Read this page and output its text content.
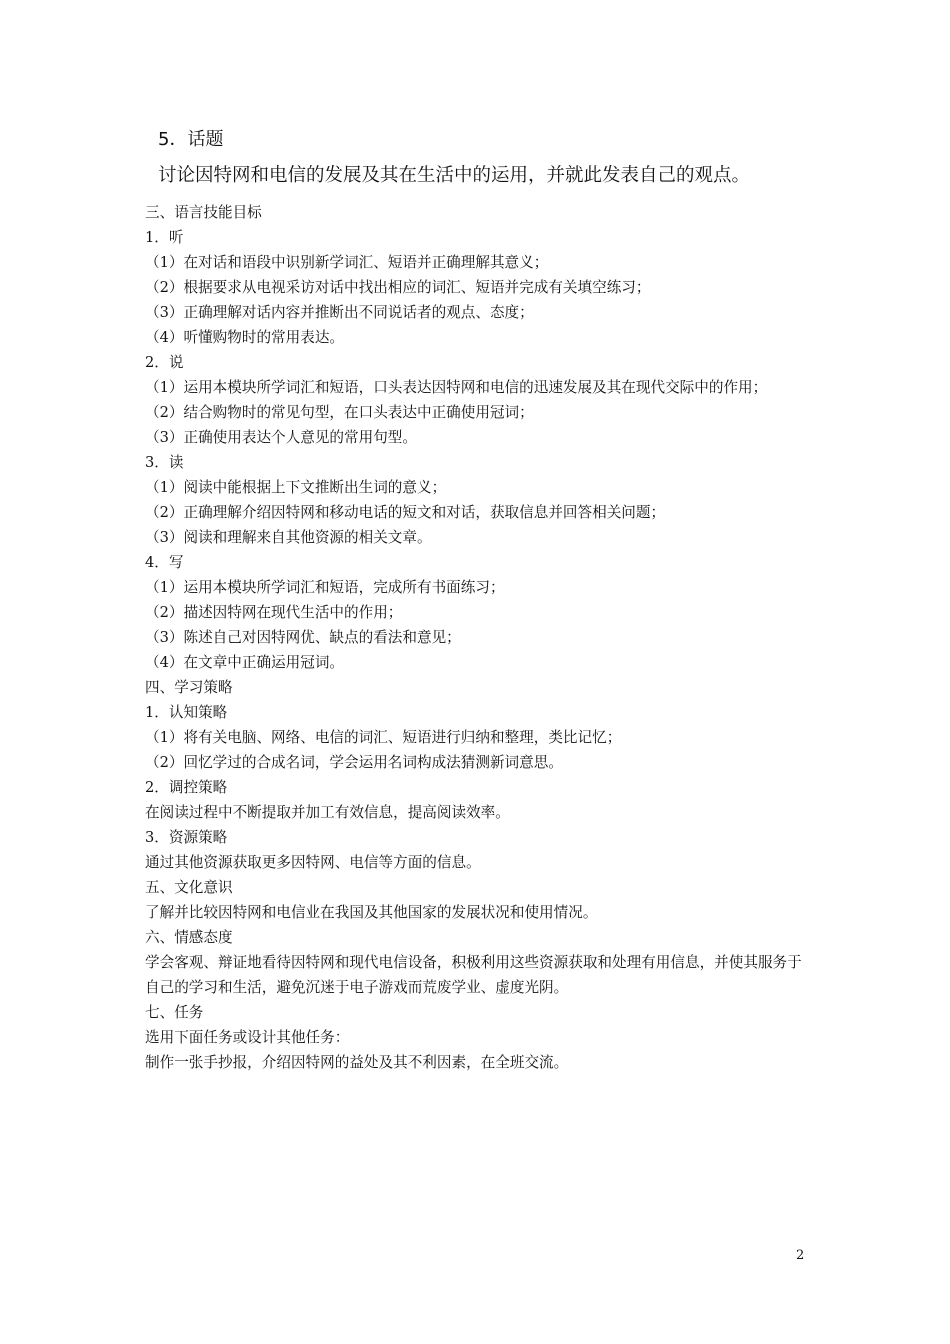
5．话题
讨论因特网和电信的发展及其在生活中的运用，并就此发表自己的观点。
三、语言技能目标
1．听
（1）在对话和语段中识别新学词汇、短语并正确理解其意义；
（2）根据要求从电视采访对话中找出相应的词汇、短语并完成有关填空练习；
（3）正确理解对话内容并推断出不同说话者的观点、态度；
（4）听懂购物时的常用表达。
2．说
（1）运用本模块所学词汇和短语，口头表达因特网和电信的迅速发展及其在现代交际中的作用；
（2）结合购物时的常见句型，在口头表达中正确使用冠词；
（3）正确使用表达个人意见的常用句型。
3．读
（1）阅读中能根据上下文推断出生词的意义；
（2）正确理解介绍因特网和移动电话的短文和对话，获取信息并回答相关问题；
（3）阅读和理解来自其他资源的相关文章。
4．写
（1）运用本模块所学词汇和短语，完成所有书面练习；
（2）描述因特网在现代生活中的作用；
（3）陈述自己对因特网优、缺点的看法和意见；
（4）在文章中正确运用冠词。
四、学习策略
1．认知策略
（1）将有关电脑、网络、电信的词汇、短语进行归纳和整理，类比记忆；
（2）回忆学过的合成名词，学会运用名词构成法猜测新词意思。
2．调控策略
在阅读过程中不断提取并加工有效信息，提高阅读效率。
3．资源策略
通过其他资源获取更多因特网、电信等方面的信息。
五、文化意识
了解并比较因特网和电信业在我国及其他国家的发展状况和使用情况。
六、情感态度
学会客观、辩证地看待因特网和现代电信设备，积极利用这些资源获取和处理有用信息，并使其服务于自己的学习和生活，避免沉迷于电子游戏而荒废学业、虚度光阴。
七、任务
选用下面任务或设计其他任务：
制作一张手抄报，介绍因特网的益处及其不利因素，在全班交流。
2
